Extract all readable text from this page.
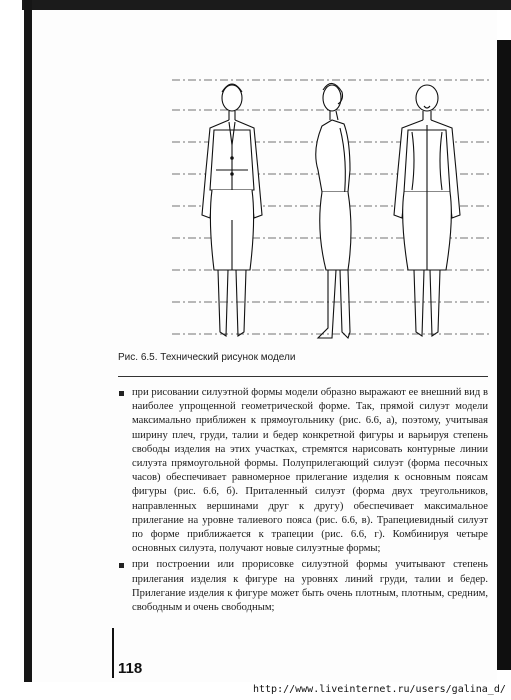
Рис. 6.5. Технический рисунок модели
при рисовании силуэтной формы модели образно выражают ее внешний вид в наиболее упрощенной геометрической форме. Так, прямой силуэт модели максимально приближен к прямоугольнику (рис. 6.6, а), поэтому, учитывая ширину плеч, груди, талии и бедер конкретной фигуры и варьируя степень свободы изделия на этих участках, стремятся нарисовать контурные линии силуэта прямоугольной формы. Полуприлегающий силуэт (форма песочных часов) обеспечивает равномерное прилегание изделия к основным поясам фигуры (рис. 6.6, б). Приталенный силуэт (форма двух треугольников, направленных вершинами друг к другу) обеспечивает максимальное прилегание на уровне талиевого пояса (рис. 6.6, в). Трапециевидный силуэт по форме приближается к трапеции (рис. 6.6, г). Комбинируя четыре основных силуэта, получают новые силуэтные формы;
при построении или прорисовке силуэтной формы учитывают степень прилегания изделия к фигуре на уровнях линий груди, талии и бедер. Прилегание изделия к фигуре может быть очень плотным, плотным, средним, свободным и очень свободным;
118
http://www.liveinternet.ru/users/galina_d/
